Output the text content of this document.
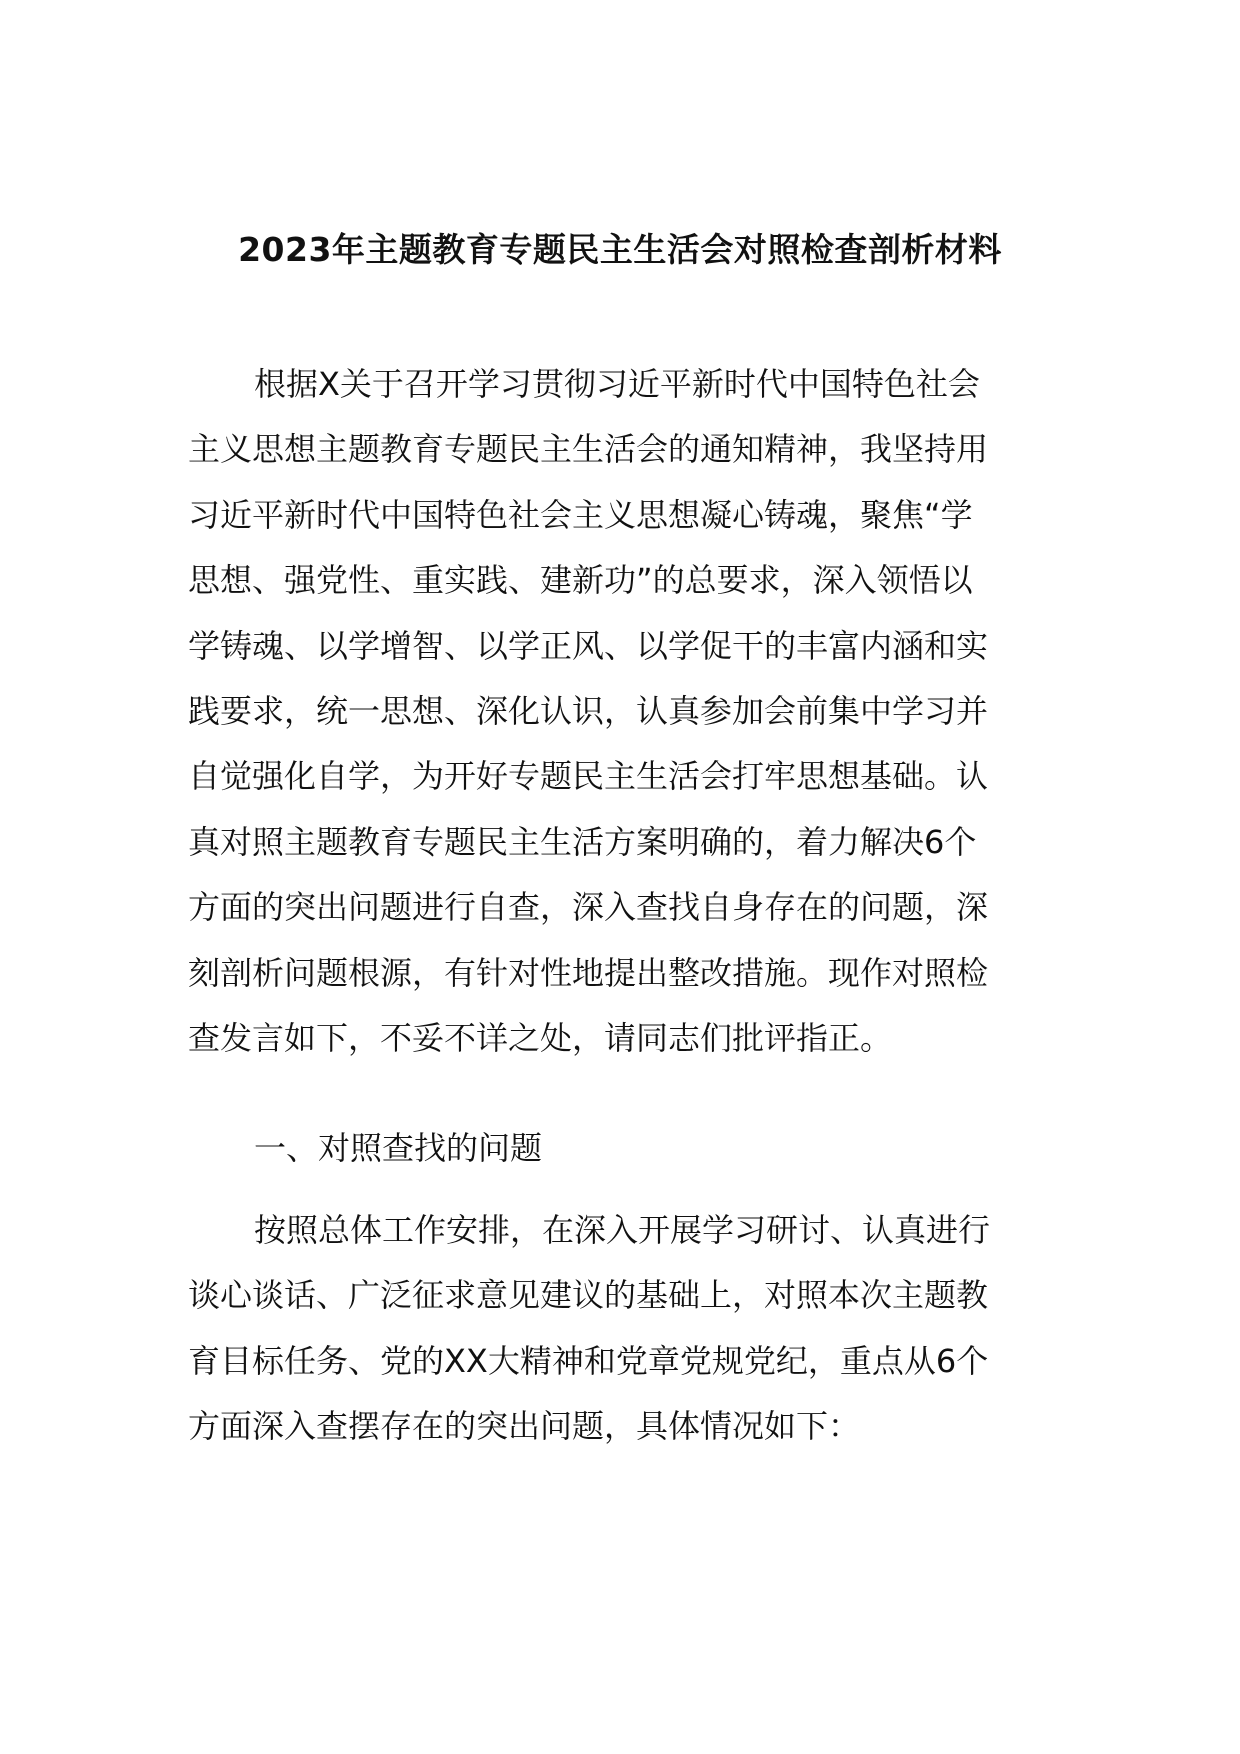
2023年主题教育专题民主生活会对照检查剖析材料
根据X关于召开学习贯彻习近平新时代中国特色社会
主义思想主题教育专题民主生活会的通知精神，我坚持用
习近平新时代中国特色社会主义思想凝心铸魂，聚焦“学
思想、强党性、重实践、建新功”的总要求，深入领悟以
学铸魂、以学增智、以学正风、以学促干的丰富内涵和实
践要求，统一思想、深化认识，认真参加会前集中学习并
自觉强化自学，为开好专题民主生活会打牢思想基础。认
真对照主题教育专题民主生活方案明确的，着力解决6个
方面的突出问题进行自查，深入查找自身存在的问题，深
刻剖析问题根源，有针对性地提出整改措施。现作对照检
查发言如下，不妥不详之处，请同志们批评指正。
一、对照查找的问题
按照总体工作安排，在深入开展学习研讨、认真进行
谈心谈话、广泛征求意见建议的基础上，对照本次主题教
育目标任务、党的XX大精神和党章党规党纪，重点从6个
方面深入查摆存在的突出问题，具体情况如下：
